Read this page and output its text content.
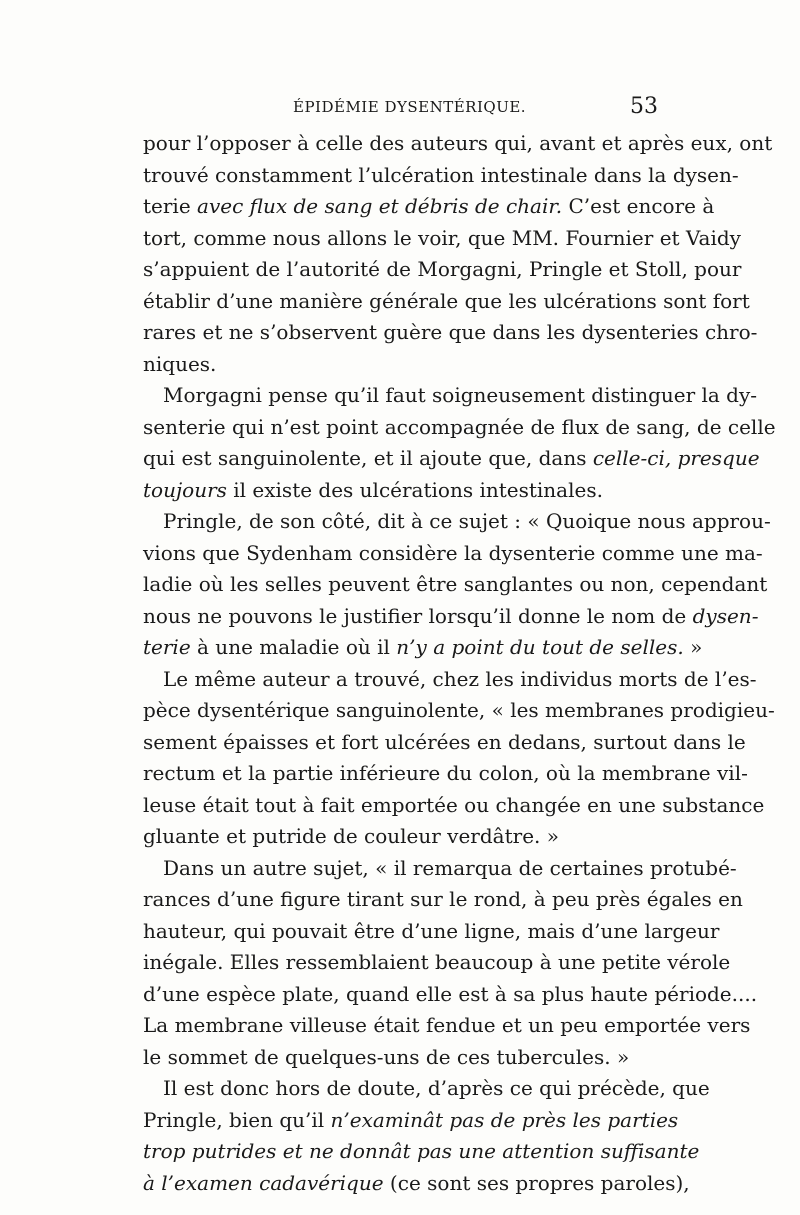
ÉPIDÉMIE DYSENTÉRIQUE.	53
pour l’opposer à celle des auteurs qui, avant et après eux, ont
trouvé constamment l’ulcération intestinale dans la dysen-
terie avec flux de sang et débris de chair. C’est encore à
tort, comme nous allons le voir, que MM. Fournier et Vaidy
s’appuient de l’autorité de Morgagni, Pringle et Stoll, pour
établir d’une manière générale que les ulcérations sont fort
rares et ne s’observent guère que dans les dysenteries chro-
niques.
Morgagni pense qu’il faut soigneusement distinguer la dy-
senterie qui n’est point accompagnée de flux de sang, de celle
qui est sanguinolente, et il ajoute que, dans celle-ci, presque
toujours il existe des ulcérations intestinales.
Pringle, de son côté, dit à ce sujet : « Quoique nous approu-
vions que Sydenham considère la dysenterie comme une ma-
ladie où les selles peuvent être sanglantes ou non, cependant
nous ne pouvons le justifier lorsqu’il donne le nom de dysen-
terie à une maladie où il n’y a point du tout de selles. »
Le même auteur a trouvé, chez les individus morts de l’es-
pèce dysentérique sanguinolente, « les membranes prodigieu-
sement épaisses et fort ulcérées en dedans, surtout dans le
rectum et la partie inférieure du colon, où la membrane vil-
leuse était tout à fait emportée ou changée en une substance
gluante et putride de couleur verdâtre. »
Dans un autre sujet, « il remarqua de certaines protubé-
rances d’une figure tirant sur le rond, à peu près égales en
hauteur, qui pouvait être d’une ligne, mais d’une largeur
inégale. Elles ressemblaient beaucoup à une petite vérole
d’une espèce plate, quand elle est à sa plus haute période....
La membrane villeuse était fendue et un peu emportée vers
le sommet de quelques-uns de ces tubercules. »
Il est donc hors de doute, d’après ce qui précède, que
Pringle, bien qu’il n’examinât pas de près les parties
trop putrides et ne donnât pas une attention suffisante
à l’examen cadavérique (ce sont ses propres paroles),
